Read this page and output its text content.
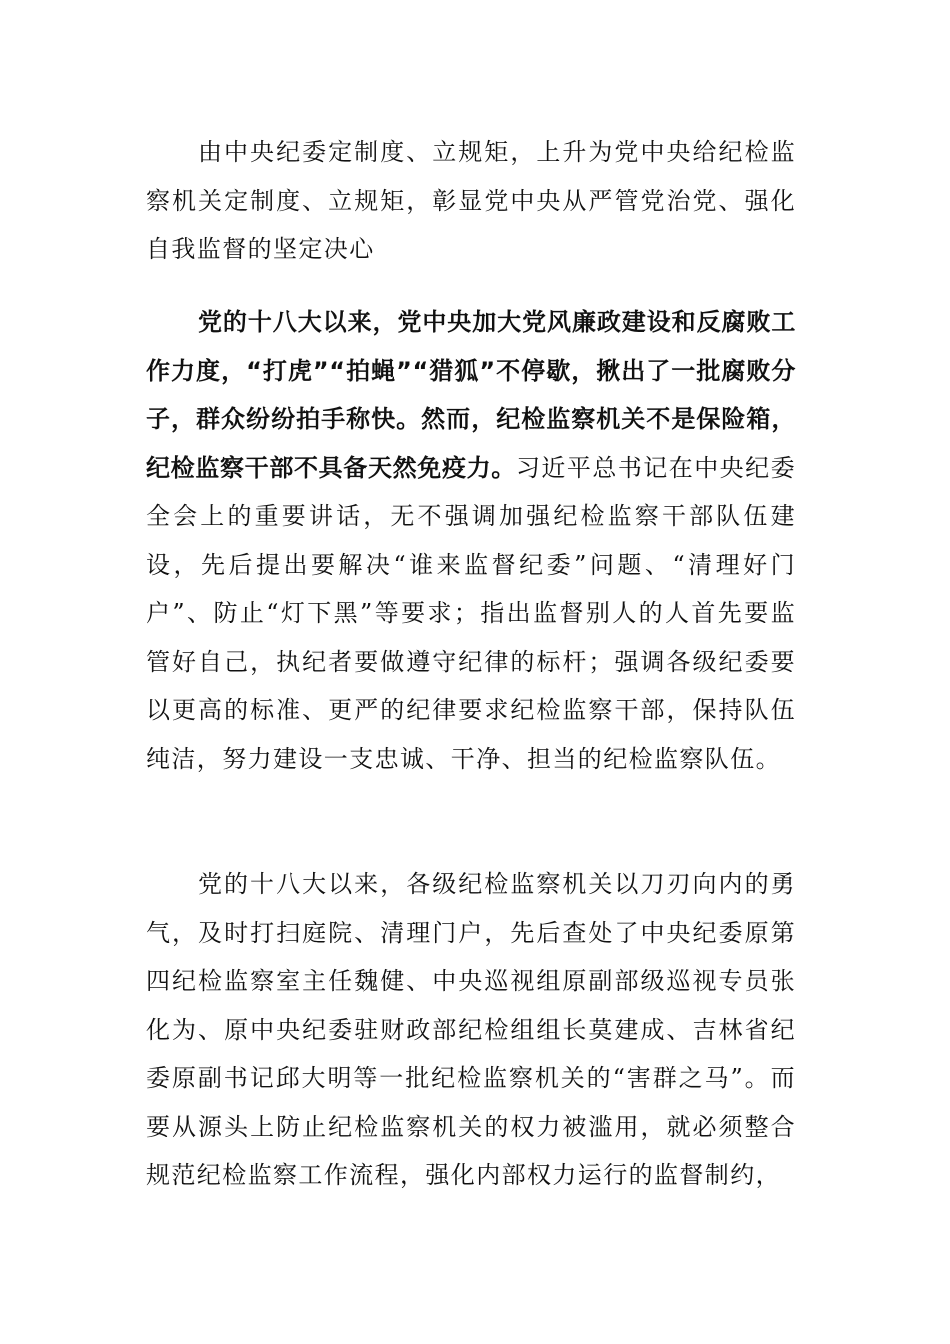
由中央纪委定制度、立规矩，上升为党中央给纪检监察机关定制度、立规矩，彰显党中央从严管党治党、强化自我监督的坚定决心

党的十八大以来，党中央加大党风廉政建设和反腐败工作力度，“打虎”“拍蝇”“猎狐”不停歇，揪出了一批腐败分子，群众纷纷拍手称快。然而，纪检监察机关不是保险箱，纪检监察干部不具备天然免疫力。习近平总书记在中央纪委全会上的重要讲话，无不强调加强纪检监察干部队伍建设，先后提出要解决“谁来监督纪委”问题、“清理好门户”、防止“灯下黑”等要求；指出监督别人的人首先要监管好自己，执纪者要做遵守纪律的标杆；强调各级纪委要以更高的标准、更严的纪律要求纪检监察干部，保持队伍纯洁，努力建设一支忠诚、干净、担当的纪检监察队伍。

党的十八大以来，各级纪检监察机关以刀刃向内的勇气，及时打扫庭院、清理门户，先后查处了中央纪委原第四纪检监察室主任魏健、中央巡视组原副部级巡视专员张化为、原中央纪委驻财政部纪检组组长莫建成、吉林省纪委原副书记邱大明等一批纪检监察机关的“害群之马”。而要从源头上防止纪检监察机关的权力被滥用，就必须整合规范纪检监察工作流程，强化内部权力运行的监督制约，
